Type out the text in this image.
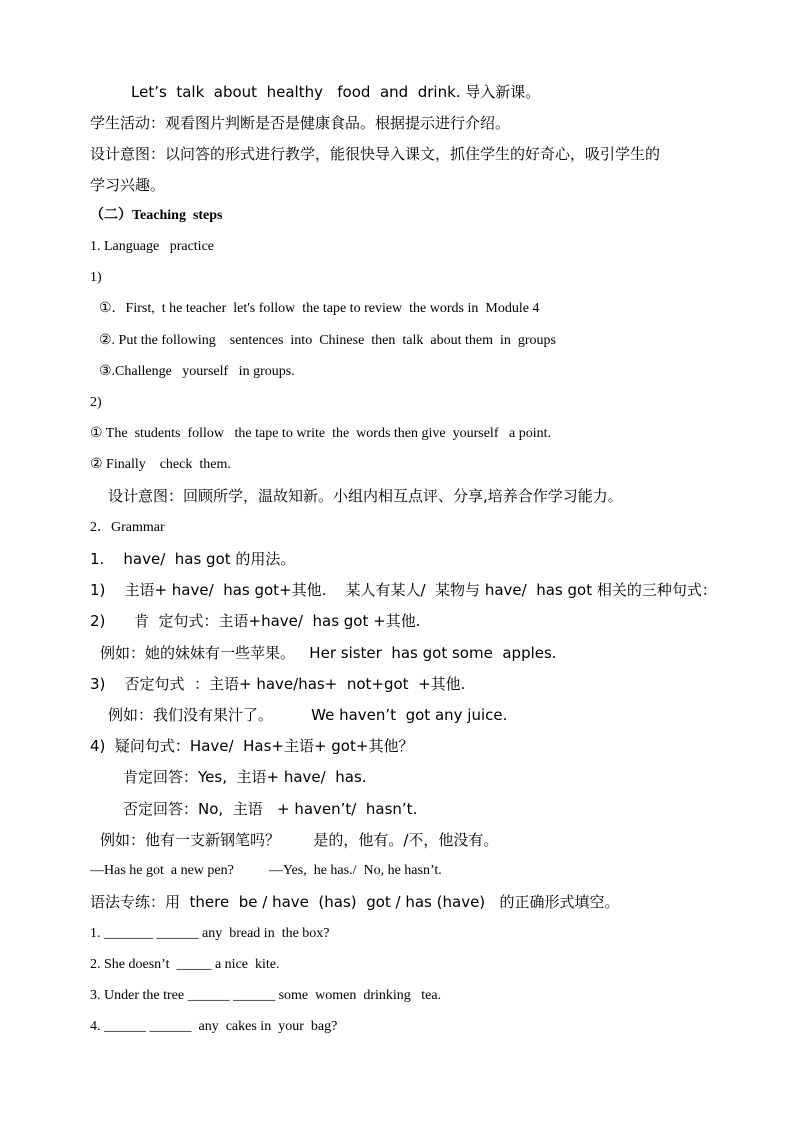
Let’s  talk  about  healthy   food  and  drink. 导入新课。
学生活动：观看图片判断是否是健康食品。根据提示进行介绍。
设计意图：以问答的形式进行教学，能很快导入课文，抓住学生的好奇心，吸引学生的
学习兴趣。
（二）Teaching  steps
1. Language   practice
1)
①．First,  t he teacher  let's follow  the tape to review  the words in  Module 4
②. Put the following    sentences  into  Chinese  then  talk  about them  in  groups
③.Challenge   yourself   in groups.
2)
① The  students  follow   the tape to write  the  words then give  yourself   a point.
② Finally    check  them.
设计意图：回顾所学，温故知新。小组内相互点评、分享,培养合作学习能力。
2．Grammar
1.    have/  has got 的用法。
1)    主语+ have/  has got+其他.    某人有某人/  某物与 have/  has got 相关的三种句式：
2)      肯  定句式：主语+have/  has got +其他.
例如：她的妹妹有一些苹果。   Her sister  has got some  apples.
3)    否定句式  ：主语+ have/has+  not+got  +其他.
例如：我们没有果汁了。        We haven’t  got any juice.
4)  疑问句式：Have/  Has+主语+ got+其他？
肯定回答：Yes,  主语+ have/  has.
否定回答：No,  主语   + haven’t/  hasn’t.
例如：他有一支新钢笔吗？       是的，他有。/不，他没有。
—Has he got  a new pen?          —Yes,  he has./  No, he hasn’t.
语法专练：用  there  be / have  (has)  got / has (have)   的正确形式填空。
1. _______ ______ any  bread in  the box?
2. She doesn’t  _____ a nice  kite.
3. Under the tree ______ ______ some  women  drinking   tea.
4. ______ ______  any  cakes in  your  bag?
